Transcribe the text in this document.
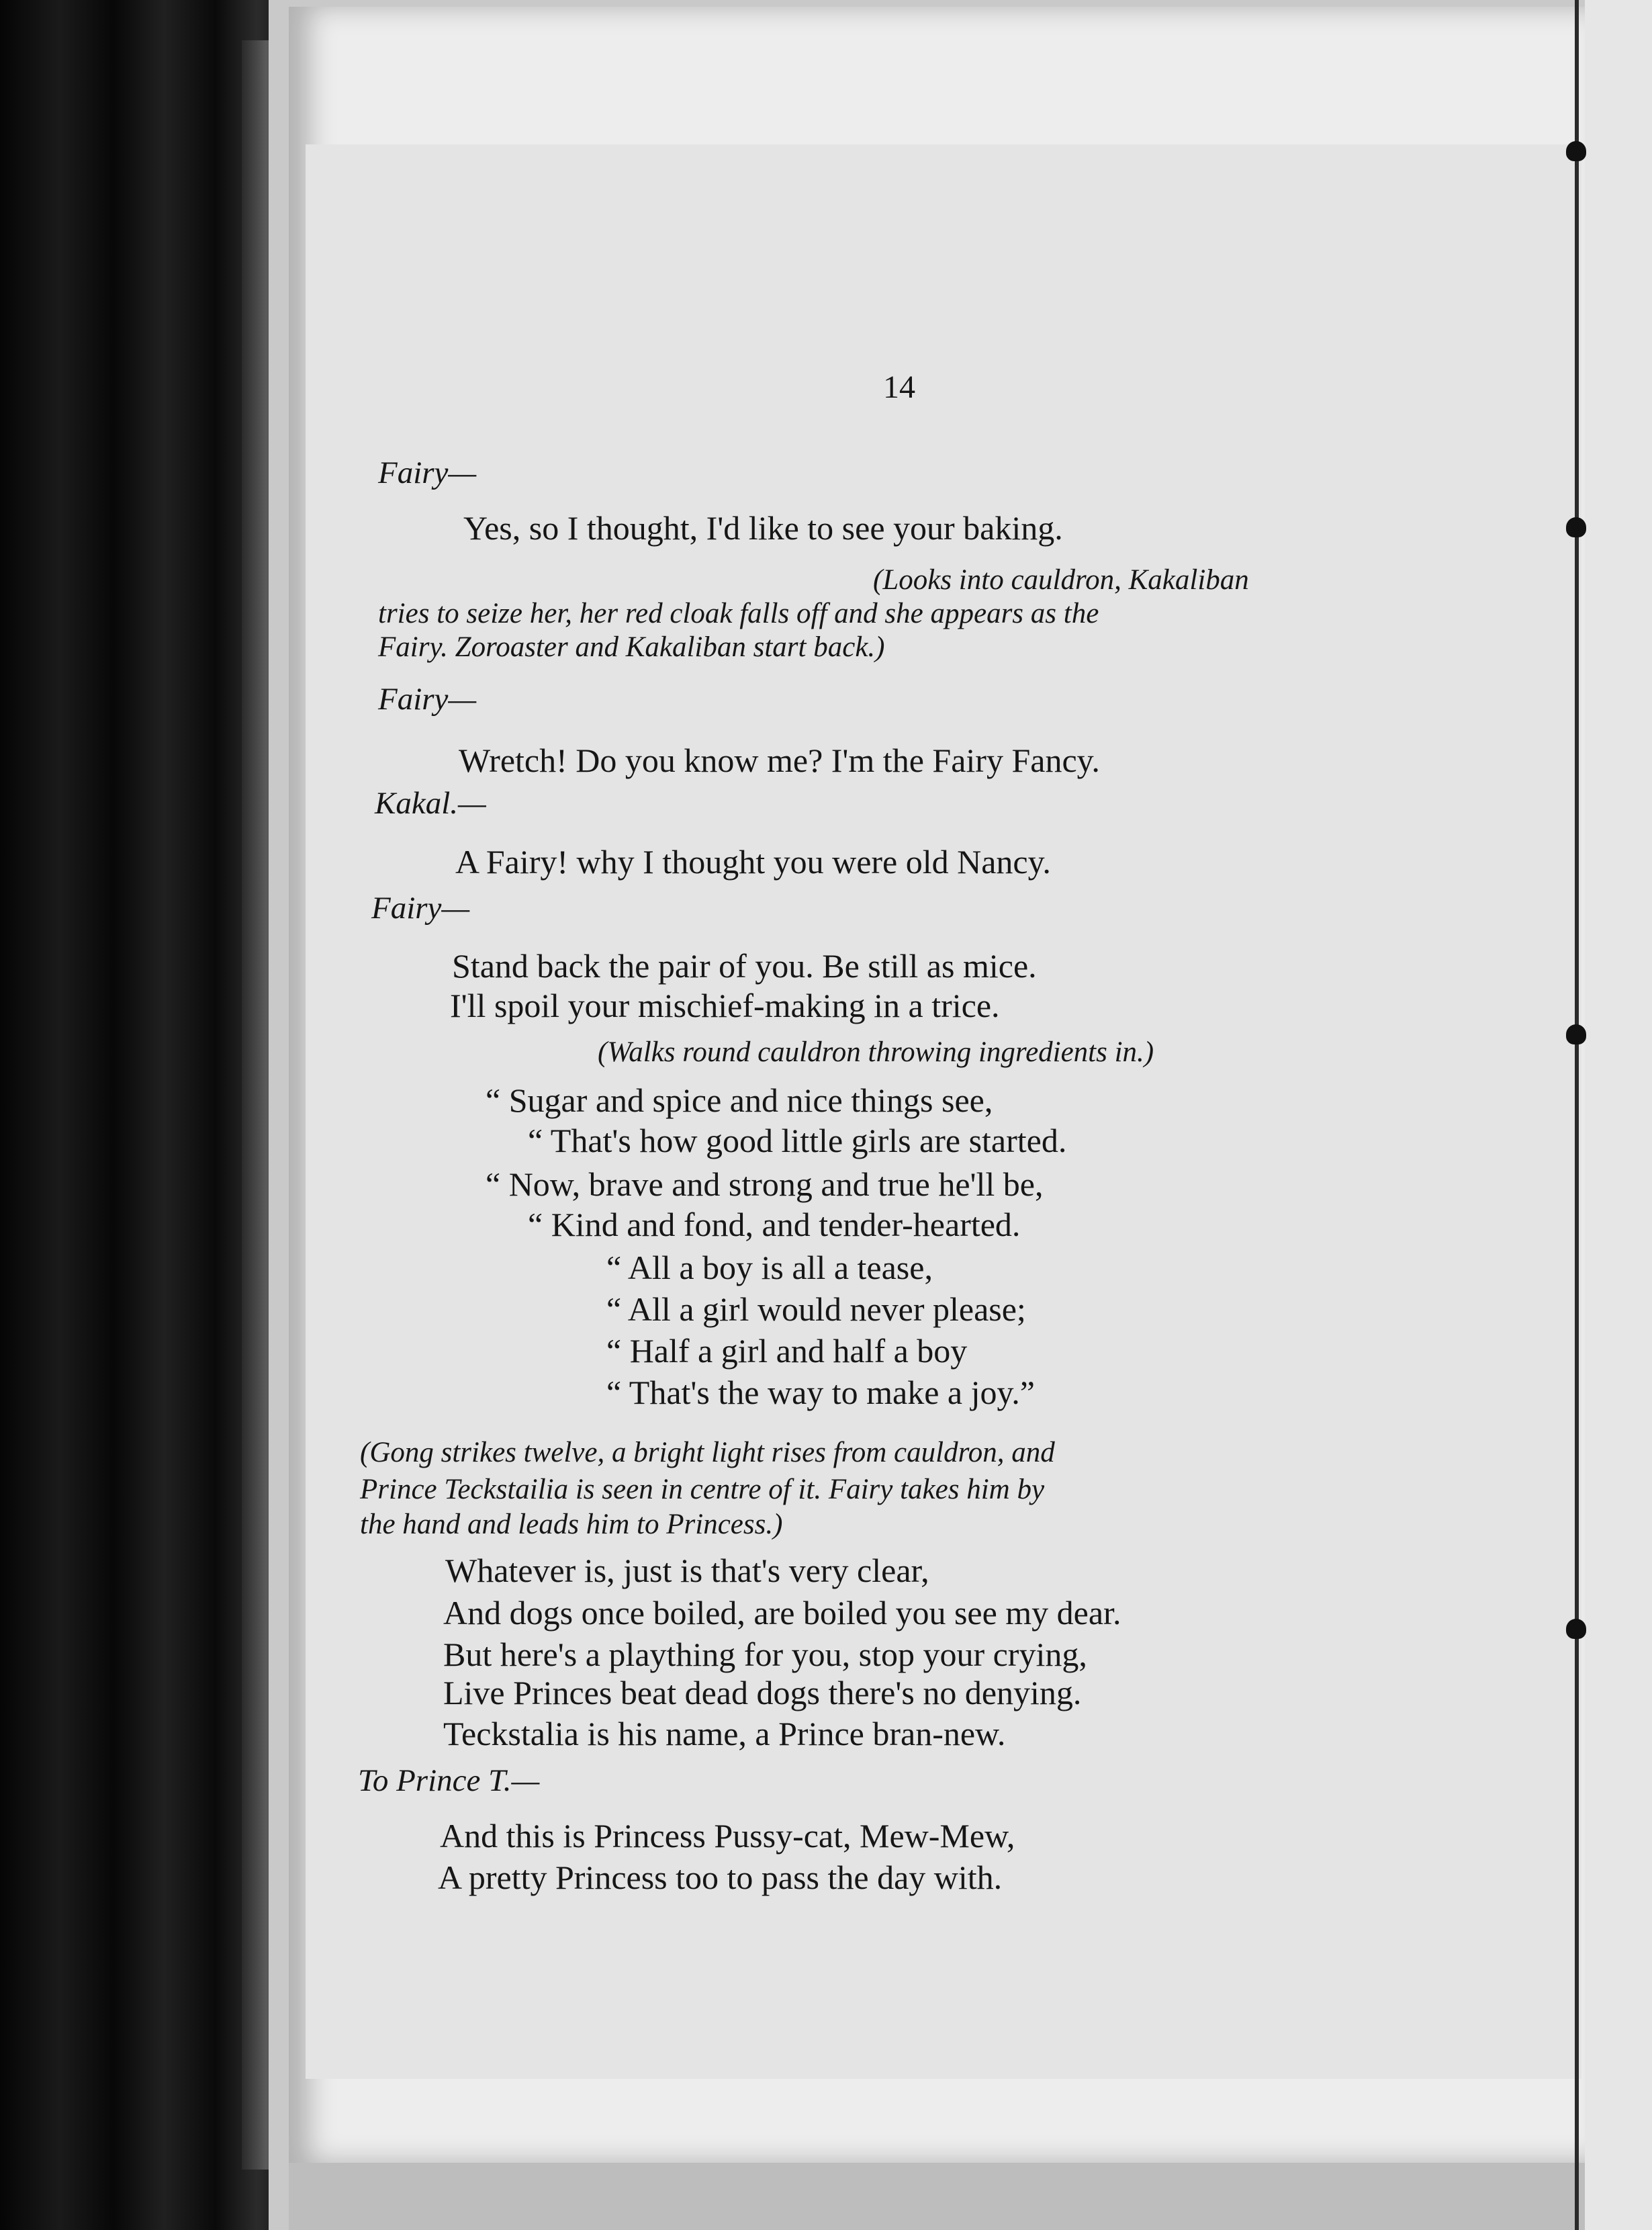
14
Fairy—
Yes, so I thought, I'd like to see your baking.
(Looks into cauldron, Kakaliban
tries to seize her, her red cloak falls off and she appears as the
Fairy. Zoroaster and Kakaliban start back.)
Fairy—
Wretch! Do you know me? I'm the Fairy Fancy.
Kakal.—
A Fairy! why I thought you were old Nancy.
Fairy—
Stand back the pair of you. Be still as mice.
I'll spoil your mischief-making in a trice.
(Walks round cauldron throwing ingredients in.)
“ Sugar and spice and nice things see,
“ That's how good little girls are started.
“ Now, brave and strong and true he'll be,
“ Kind and fond, and tender-hearted.
“ All a boy is all a tease,
“ All a girl would never please;
“ Half a girl and half a boy
“ That's the way to make a joy.”
(Gong strikes twelve, a bright light rises from cauldron, and
Prince Teckstailia is seen in centre of it. Fairy takes him by
the hand and leads him to Princess.)
Whatever is, just is that's very clear,
And dogs once boiled, are boiled you see my dear.
But here's a plaything for you, stop your crying,
Live Princes beat dead dogs there's no denying.
Teckstalia is his name, a Prince bran-new.
To Prince T.—
And this is Princess Pussy-cat, Mew-Mew,
A pretty Princess too to pass the day with.
